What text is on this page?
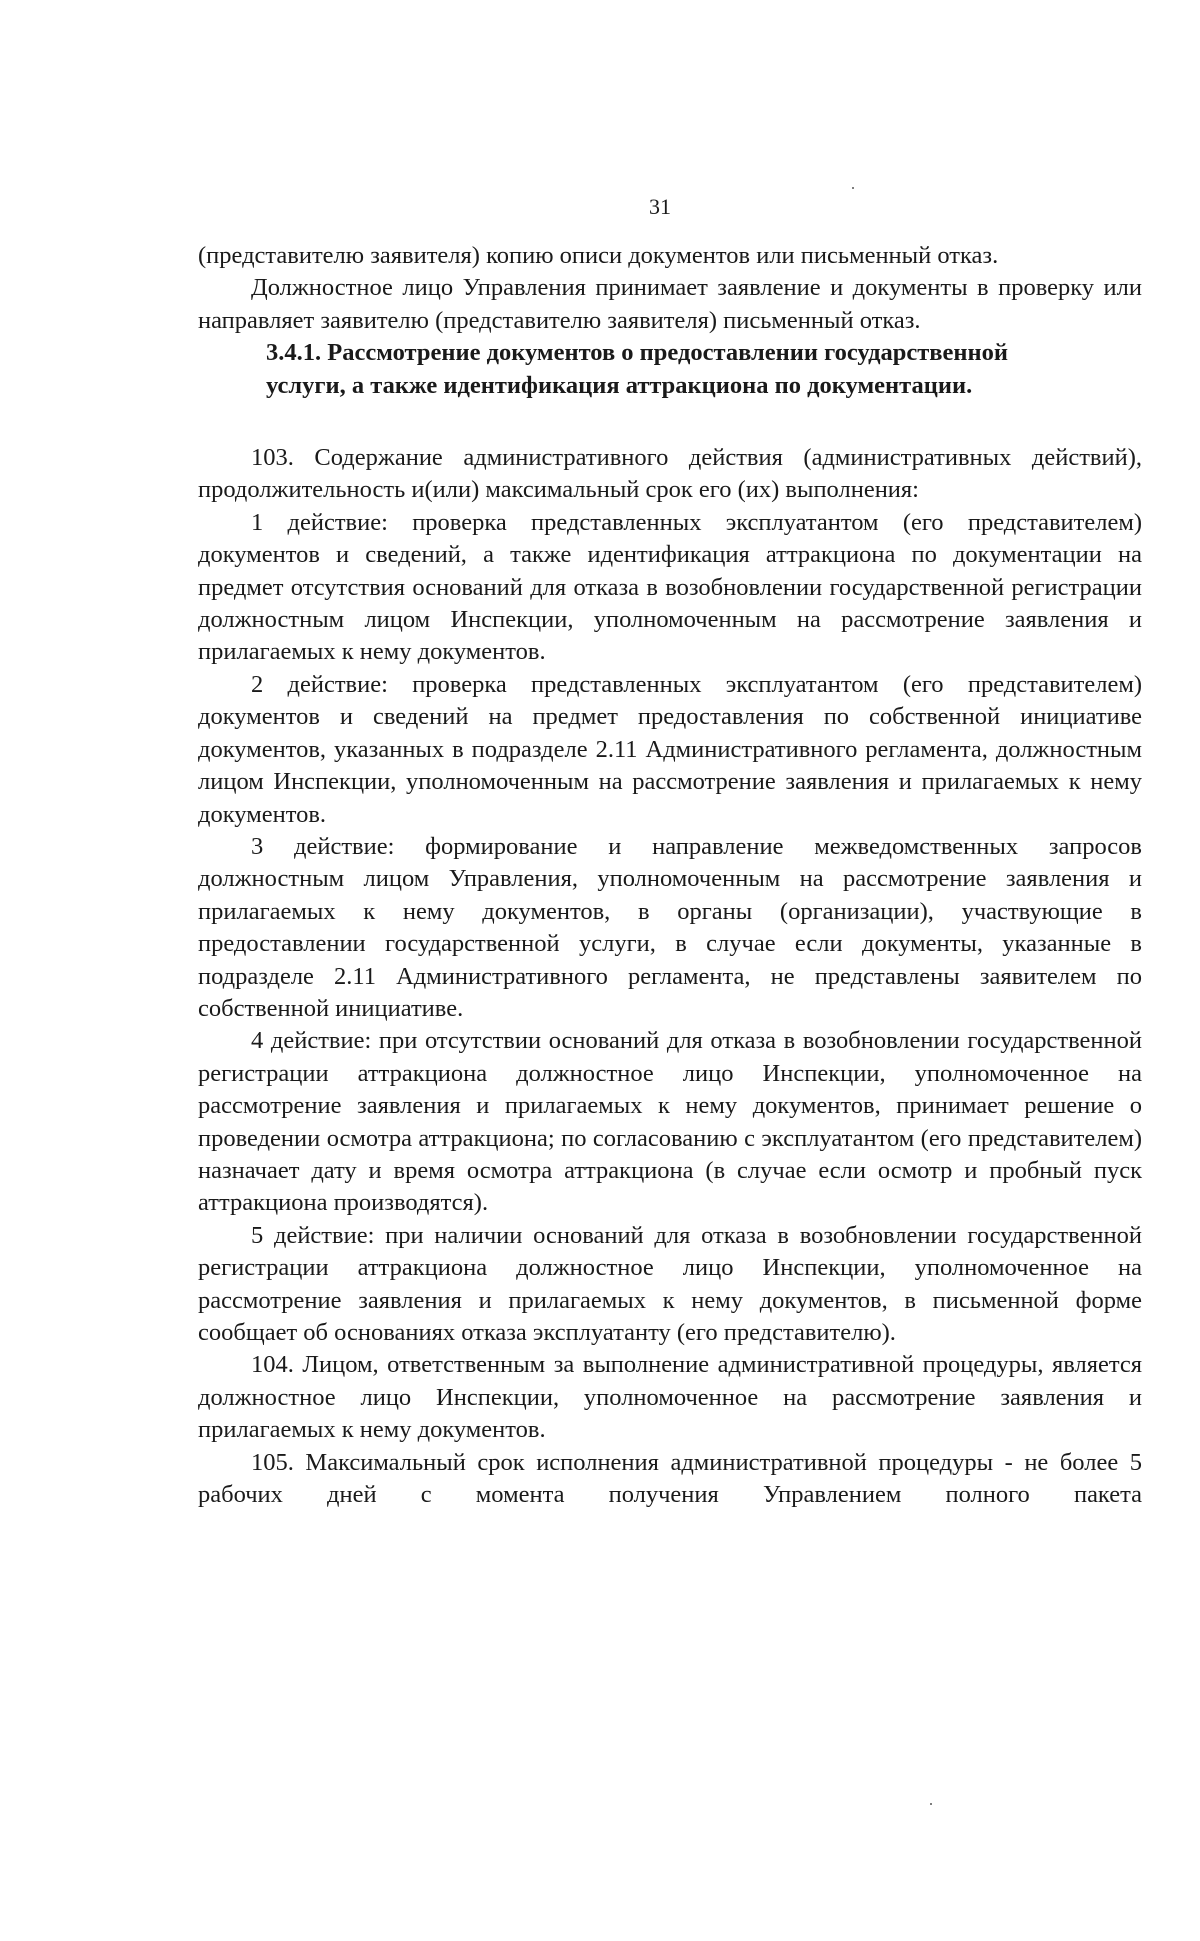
31

(представителю заявителя) копию описи документов или письменный отказ.

Должностное лицо Управления принимает заявление и документы в проверку или направляет заявителю (представителю заявителя) письменный отказ.

3.4.1. Рассмотрение документов о предоставлении государственной
услуги, а также идентификация аттракциона по документации.

103. Содержание административного действия (административных действий), продолжительность и(или) максимальный срок его (их) выполнения:

1 действие: проверка представленных эксплуатантом (его представителем) документов и сведений, а также идентификация аттракциона по документации на предмет отсутствия оснований для отказа в возобновлении государственной регистрации должностным лицом Инспекции, уполномоченным на рассмотрение заявления и прилагаемых к нему документов.

2 действие: проверка представленных эксплуатантом (его представителем) документов и сведений на предмет предоставления по собственной инициативе документов, указанных в подразделе 2.11 Административного регламента, должностным лицом Инспекции, уполномоченным на рассмотрение заявления и прилагаемых к нему документов.

3 действие: формирование и направление межведомственных запросов должностным лицом Управления, уполномоченным на рассмотрение заявления и прилагаемых к нему документов, в органы (организации), участвующие в предоставлении государственной услуги, в случае если документы, указанные в подразделе 2.11 Административного регламента, не представлены заявителем по собственной инициативе.

4 действие: при отсутствии оснований для отказа в возобновлении государственной регистрации аттракциона должностное лицо Инспекции, уполномоченное на рассмотрение заявления и прилагаемых к нему документов, принимает решение о проведении осмотра аттракциона; по согласованию с эксплуатантом (его представителем) назначает дату и время осмотра аттракциона (в случае если осмотр и пробный пуск аттракциона производятся).

5 действие: при наличии оснований для отказа в возобновлении государственной регистрации аттракциона должностное лицо Инспекции, уполномоченное на рассмотрение заявления и прилагаемых к нему документов, в письменной форме сообщает об основаниях отказа эксплуатанту (его представителю).

104. Лицом, ответственным за выполнение административной процедуры, является должностное лицо Инспекции, уполномоченное на рассмотрение заявления и прилагаемых к нему документов.

105. Максимальный срок исполнения административной процедуры - не более 5 рабочих дней с момента получения Управлением полного пакета
